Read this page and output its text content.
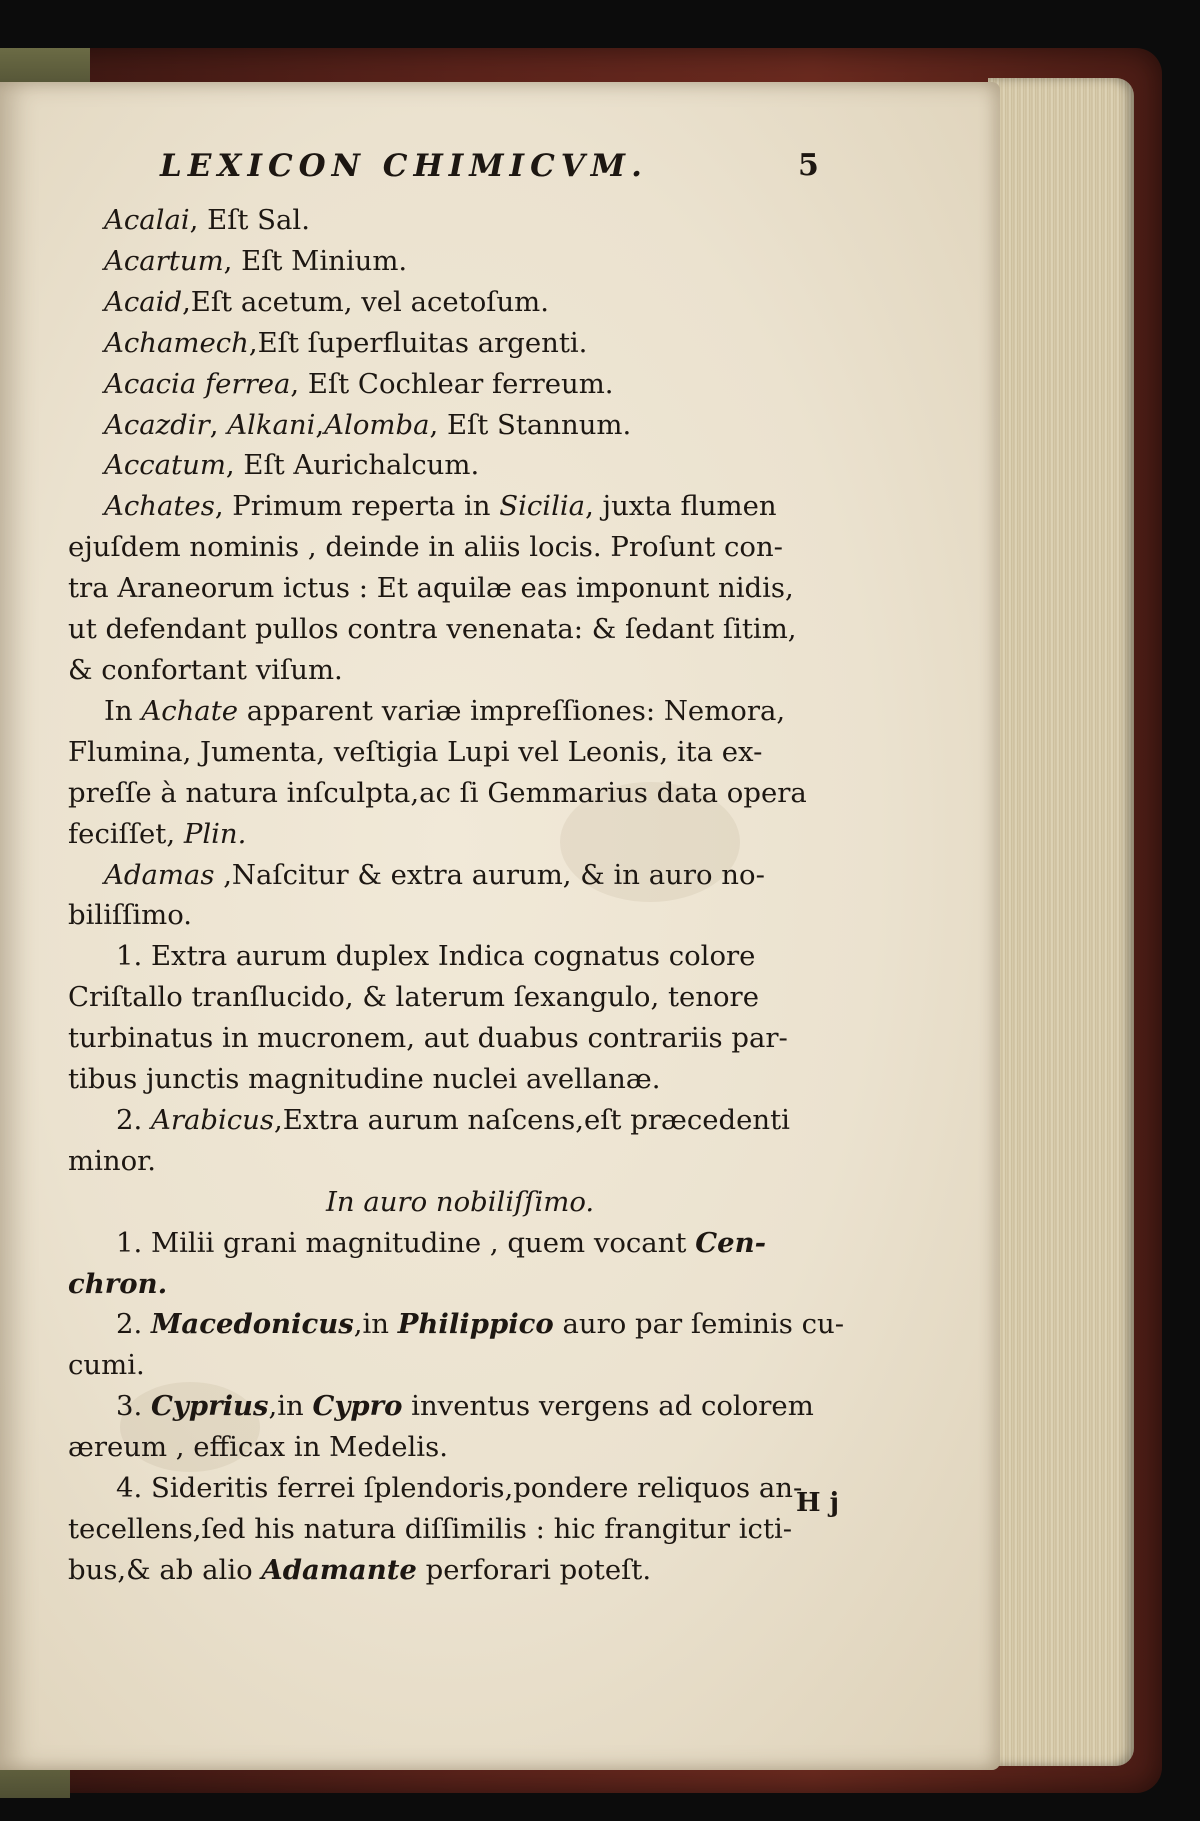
LEXICON CHIMICVM.	5
Acalai, Eſt Sal.
Acartum, Eſt Minium.
Acaid,Eſt acetum, vel acetoſum.
Achamech,Eſt ſuperfluitas argenti.
Acacia ferrea, Eſt Cochlear ferreum.
Acazdir, Alkani,Alomba, Eſt Stannum.
Accatum, Eſt Aurichalcum.
Achates, Primum reperta in Sicilia, juxta flumen
ejuſdem nominis , deinde in aliis locis. Proſunt con-
tra Araneorum ictus : Et aquilæ eas imponunt nidis,
ut defendant pullos contra venenata: & ſedant ſitim,
& confortant viſum.
In Achate apparent variæ impreſſiones: Nemora,
Flumina, Jumenta, veſtigia Lupi vel Leonis, ita ex-
preſſe à natura inſculpta,ac ſi Gemmarius data opera
feciſſet, Plin.
Adamas ,Naſcitur & extra aurum, & in auro no-
biliſſimo.
1. Extra aurum duplex Indica cognatus colore
Criſtallo tranſlucido, & laterum ſexangulo, tenore
turbinatus in mucronem, aut duabus contrariis par-
tibus junctis magnitudine nuclei avellanæ.
2. Arabicus,Extra aurum naſcens,eſt præcedenti
minor.
In auro nobiliſſimo.
1. Milii grani magnitudine , quem vocant Cen-
chron.
2. Macedonicus,in Philippico auro par ſeminis cu-
cumi.
3. Cyprius,in Cypro inventus vergens ad colorem
æreum , efficax in Medelis.
4. Sideritis ferrei ſplendoris,pondere reliquos an-
tecellens,ſed his natura diſſimilis : hic frangitur icti-
bus,& ab alio Adamante perforari poteſt.
H j
